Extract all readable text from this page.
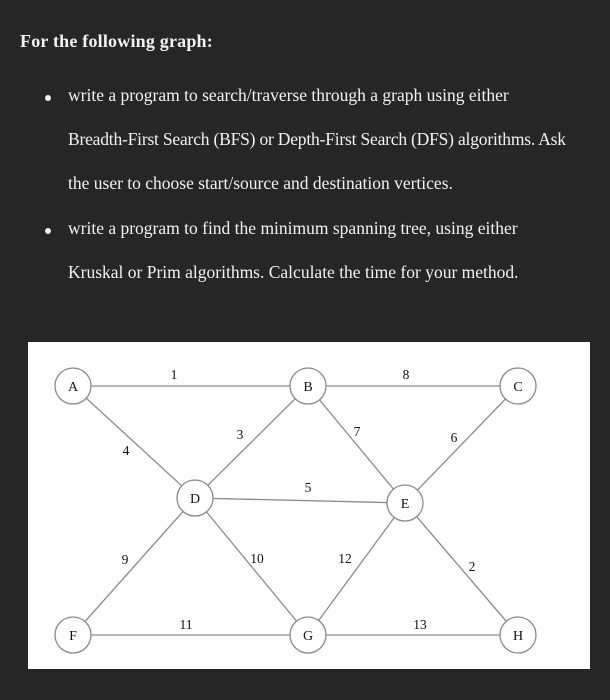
For the following graph:
write a program to search/traverse through a graph using either
Breadth-First Search (BFS) or Depth-First Search (DFS) algorithms. Ask
the user to choose start/source and destination vertices.
write a program to find the minimum spanning tree, using either
Kruskal or Prim algorithms. Calculate the time for your method.
1
4
3
8
7	6
5
9	10	12
2
11	13
A	B	C
D	E
F	G	H
